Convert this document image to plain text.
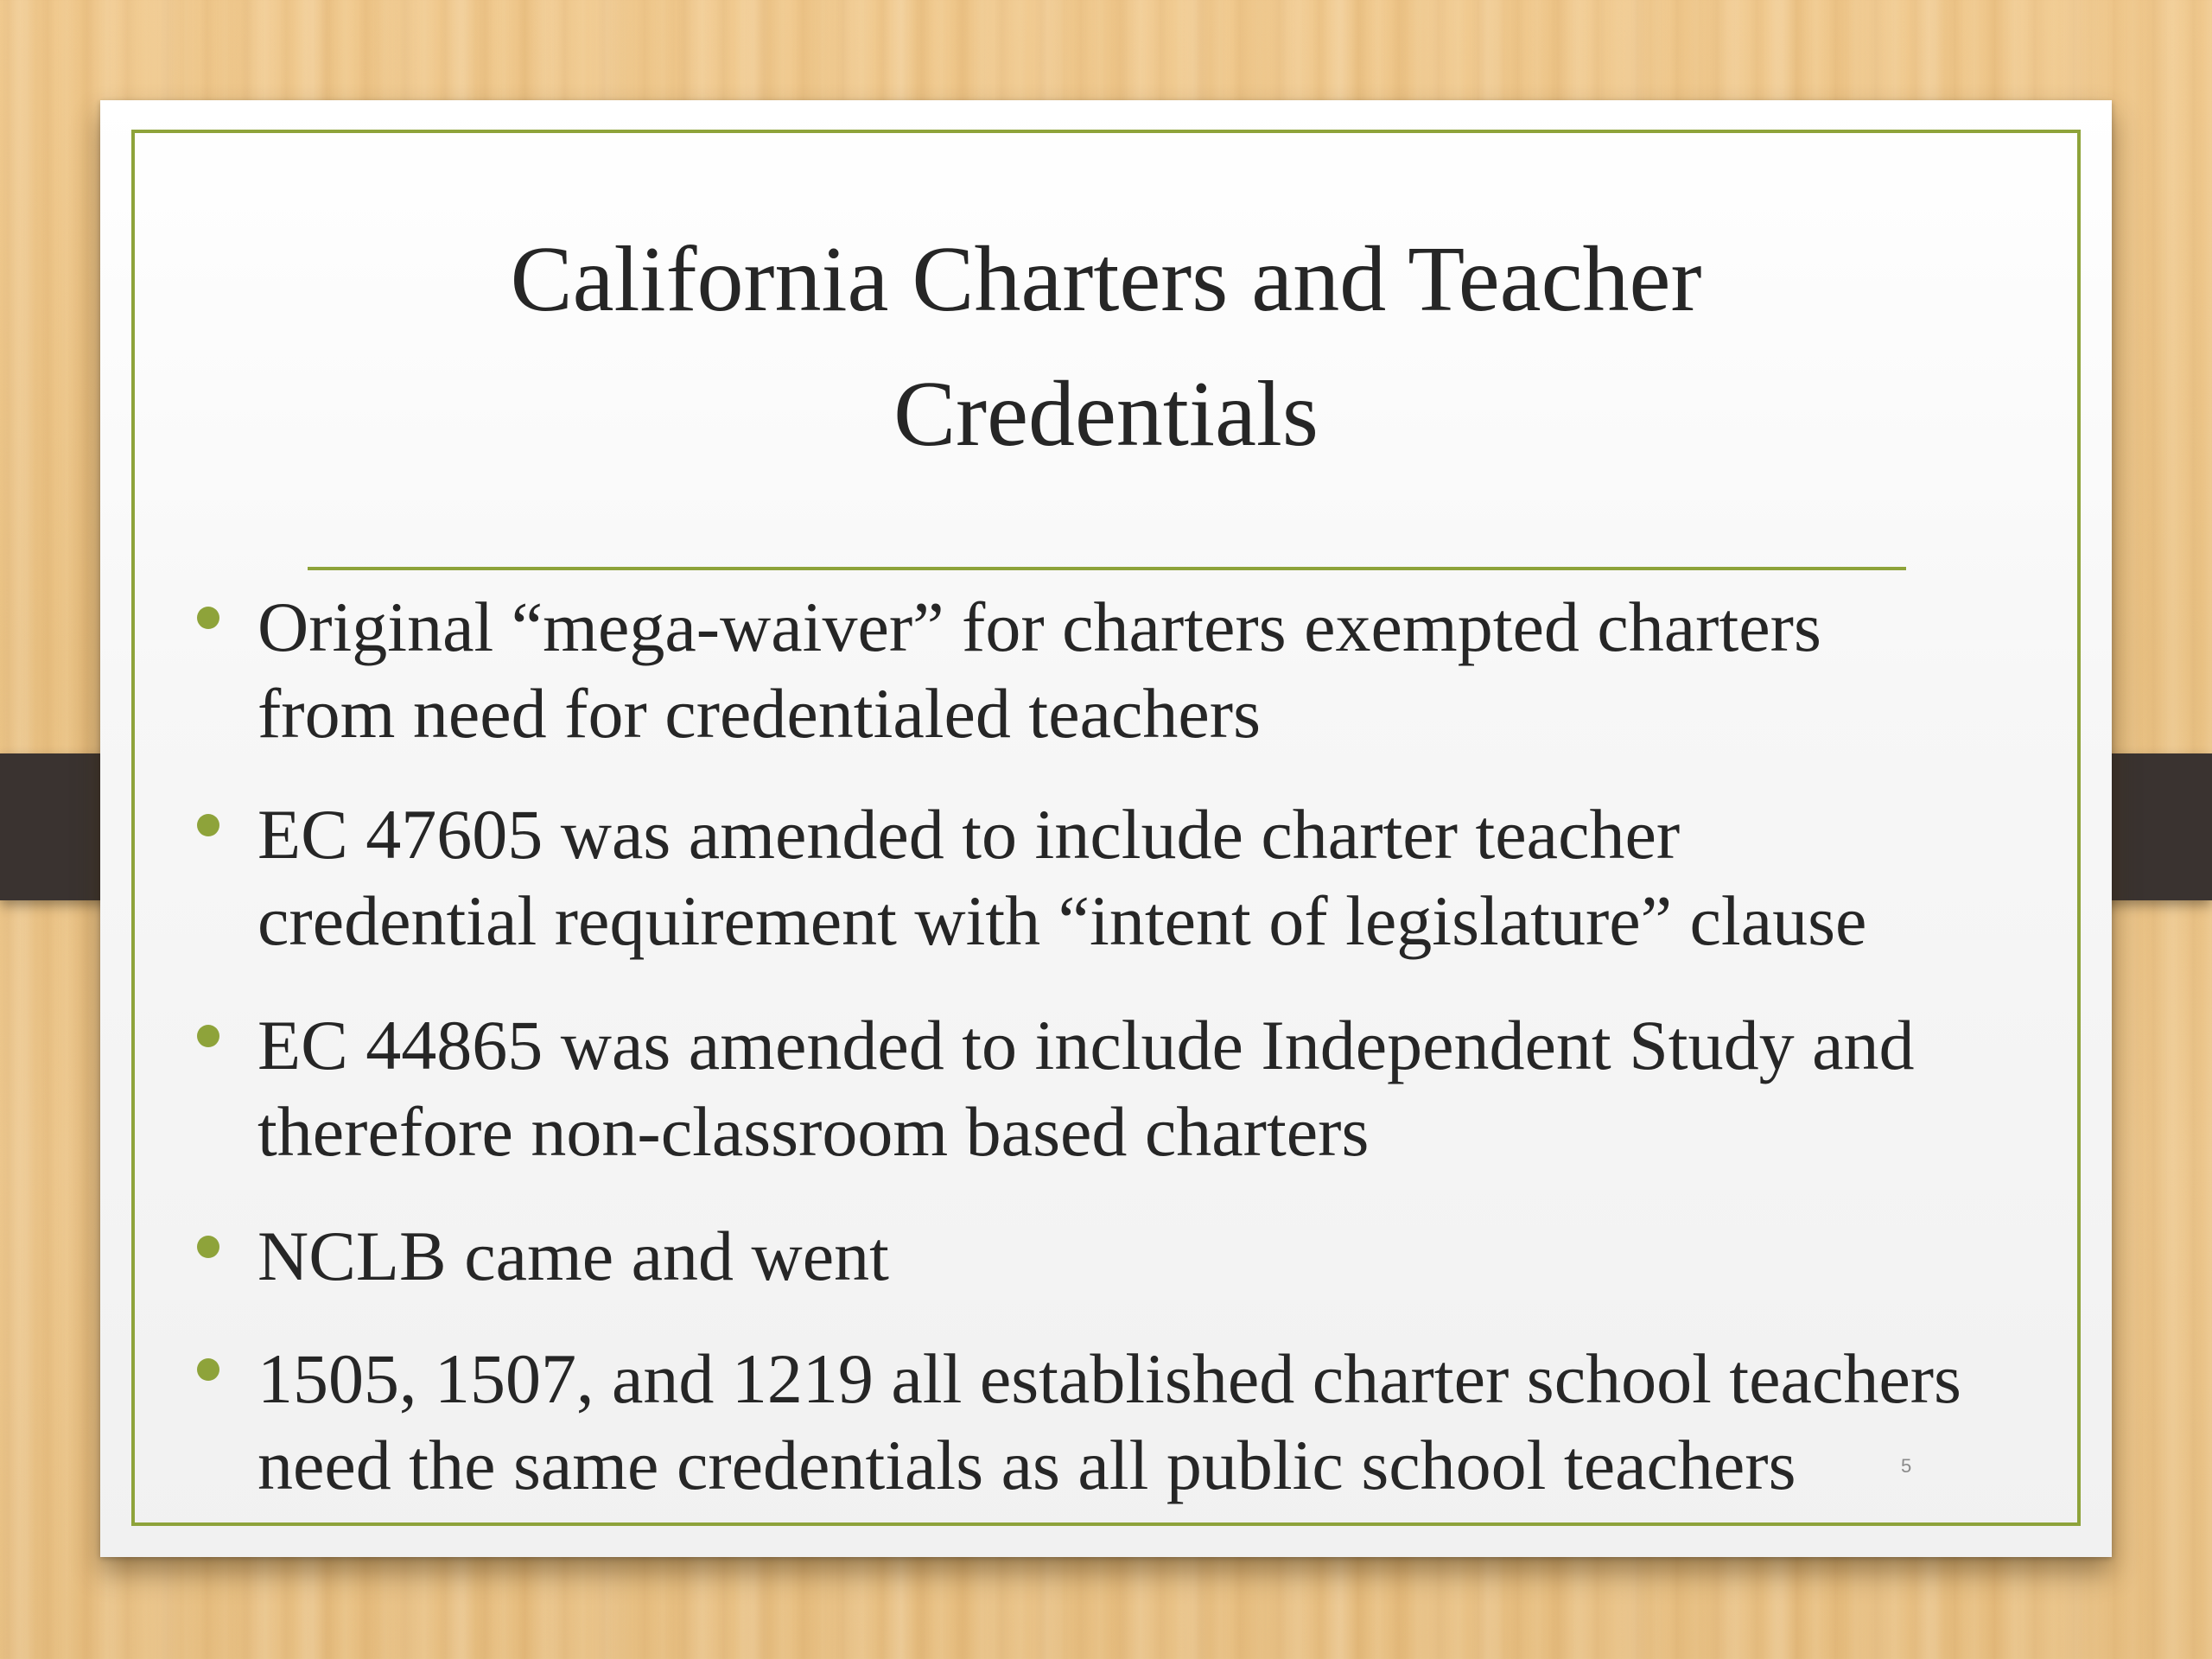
California Charters and Teacher
Credentials
Original “mega-waiver” for charters exempted charters
from need for credentialed teachers
EC 47605 was amended to include charter teacher
credential requirement with “intent of legislature” clause
EC 44865 was amended to include Independent Study and
therefore non-classroom based charters
NCLB came and went
1505, 1507, and 1219 all established charter school teachers
need the same credentials as all public school teachers	5
